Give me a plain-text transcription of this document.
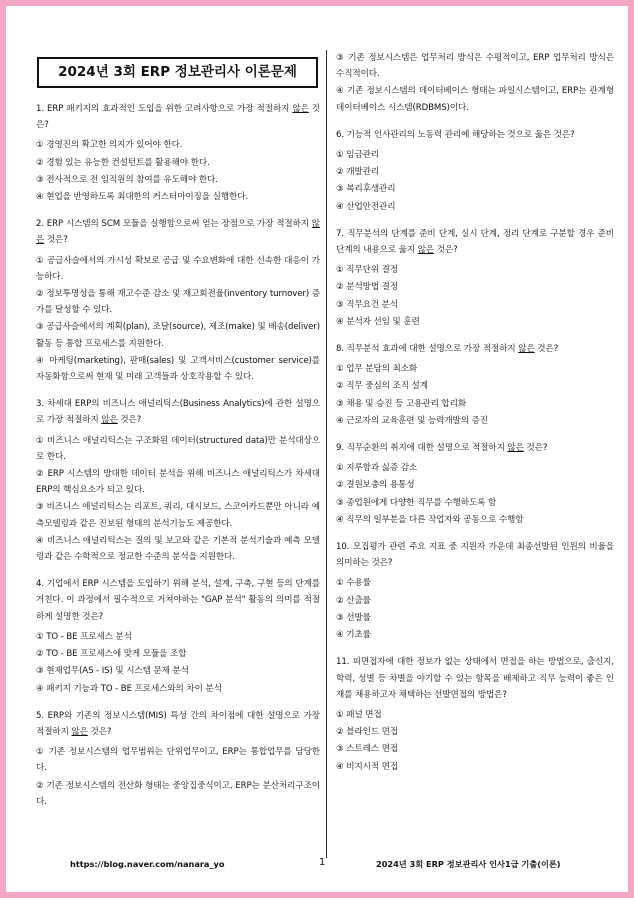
2024년 3회 ERP 정보관리사 이론문제

1. ERP 패키지의 효과적인 도입을 위한 고려사항으로 가장 적절하지 않은 것은?

① 경영진의 확고한 의지가 있어야 한다.

② 경험 있는 유능한 컨설턴트를 활용해야 한다.

③ 전사적으로 전 임직원의 참여를 유도해야 한다.

④ 현업을 반영하도록 최대한의 커스터마이징을 실행한다.

2. ERP 시스템의 SCM 모듈을 실행함으로써 얻는 장점으로 가장 적절하지 않은 것은?

① 공급사슬에서의 가시성 확보로 공급 및 수요변화에 대한 신속한 대응이 가능하다.

② 정보투명성을 통해 재고수준 감소 및 재고회전율(inventory turnover) 증가를 달성할 수 있다.

③ 공급사슬에서의 계획(plan), 조달(source), 제조(make) 및 배송(deliver) 활동 등 통합 프로세스를 지원한다.

④ 마케팅(marketing), 판매(sales) 및 고객서비스(customer service)를 자동화함으로써 현재 및 미래 고객들과 상호작용할 수 있다.

3. 차세대 ERP의 비즈니스 애널리틱스(Business Analytics)에 관한 설명으로 가장 적절하지 않은 것은?

① 비즈니스 애널리틱스는 구조화된 데이터(structured data)만 분석대상으로 한다.

② ERP 시스템의 방대한 데이터 분석을 위해 비즈니스 애널리틱스가 차세대 ERP의 핵심요소가 되고 있다.

③ 비즈니스 애널리틱스는 리포트, 쿼리, 대시보드, 스코어카드뿐만 아니라 예측모델링과 같은 진보된 형태의 분석기능도 제공한다.

④ 비즈니스 애널리틱스는 질의 및 보고와 같은 기본적 분석기술과 예측 모델링과 같은 수학적으로 정교한 수준의 분석을 지원한다.

4. 기업에서 ERP 시스템을 도입하기 위해 분석, 설계, 구축, 구현 등의 단계를 거친다. 이 과정에서 필수적으로 거쳐야하는 "GAP 분석" 활동의 의미를 적절하게 설명한 것은?

① TO - BE 프로세스 분석

② TO - BE 프로세스에 맞게 모듈을 조합

③ 현재업무(AS - IS) 및 시스템 문제 분석

④ 패키지 기능과 TO - BE 프로세스와의 차이 분석

5. ERP와 기존의 정보시스템(MIS) 특성 간의 차이점에 대한 설명으로 가장 적절하지 않은 것은?

① 기존 정보시스템의 업무범위는 단위업무이고, ERP는 통합업무를 담당한다.

② 기존 정보시스템의 전산화 형태는 중앙집중식이고, ERP는 분산처리구조이다.

③ 기존 정보시스템은 업무처리 방식은 수평적이고, ERP 업무처리 방식은 수직적이다.

④ 기존 정보시스템의 데이터베이스 형태는 파일시스템이고, ERP는 관계형 데이터베이스 시스템(RDBMS)이다.

6. 기능적 인사관리의 노동력 관리에 해당하는 것으로 옳은 것은?

① 임금관리

② 개발관리

③ 복리후생관리

④ 산업안전관리

7. 직무분석의 단계를 준비 단계, 실시 단계, 정리 단계로 구분할 경우 준비단계의 내용으로 옳지 않은 것은?

① 직무단위 결정

② 분석방법 결정

③ 직무요건 분석

④ 분석자 선임 및 훈련

8. 직무분석 효과에 대한 설명으로 가장 적절하지 않은 것은?

① 업무 분담의 최소화

② 직무 중심의 조직 설계

③ 채용 및 승진 등 고용관리 합리화

④ 근로자의 교육훈련 및 능력개발의 증진

9. 직무순환의 취지에 대한 설명으로 적절하지 않은 것은?

① 지루함과 싫증 감소

② 결원보충의 용통성

③ 종업원에게 다양한 직무를 수행하도록 함

④ 직무의 일부분을 다른 작업자와 공동으로 수행함

10. 모집평가 관련 주요 지표 중 지원자 가운데 최종선발된 인원의 비율을 의미하는 것은?

① 수용률

② 산출률

③ 선발률

④ 기초률

11. 피면접자에 대한 정보가 없는 상태에서 면접을 하는 방법으로, 출신지, 학력, 성별 등 차별을 야기할 수 있는 항목을 배제하고 직무 능력이 좋은 인재를 채용하고자 채택하는 선발면접의 방법은?

① 패널 면접

② 블라인드 면접

③ 스트레스 면접

④ 비지시적 면접

https://blog.naver.com/nanara_yo	1	2024년 3회 ERP 정보관리사 인사1급 기출(이론)
